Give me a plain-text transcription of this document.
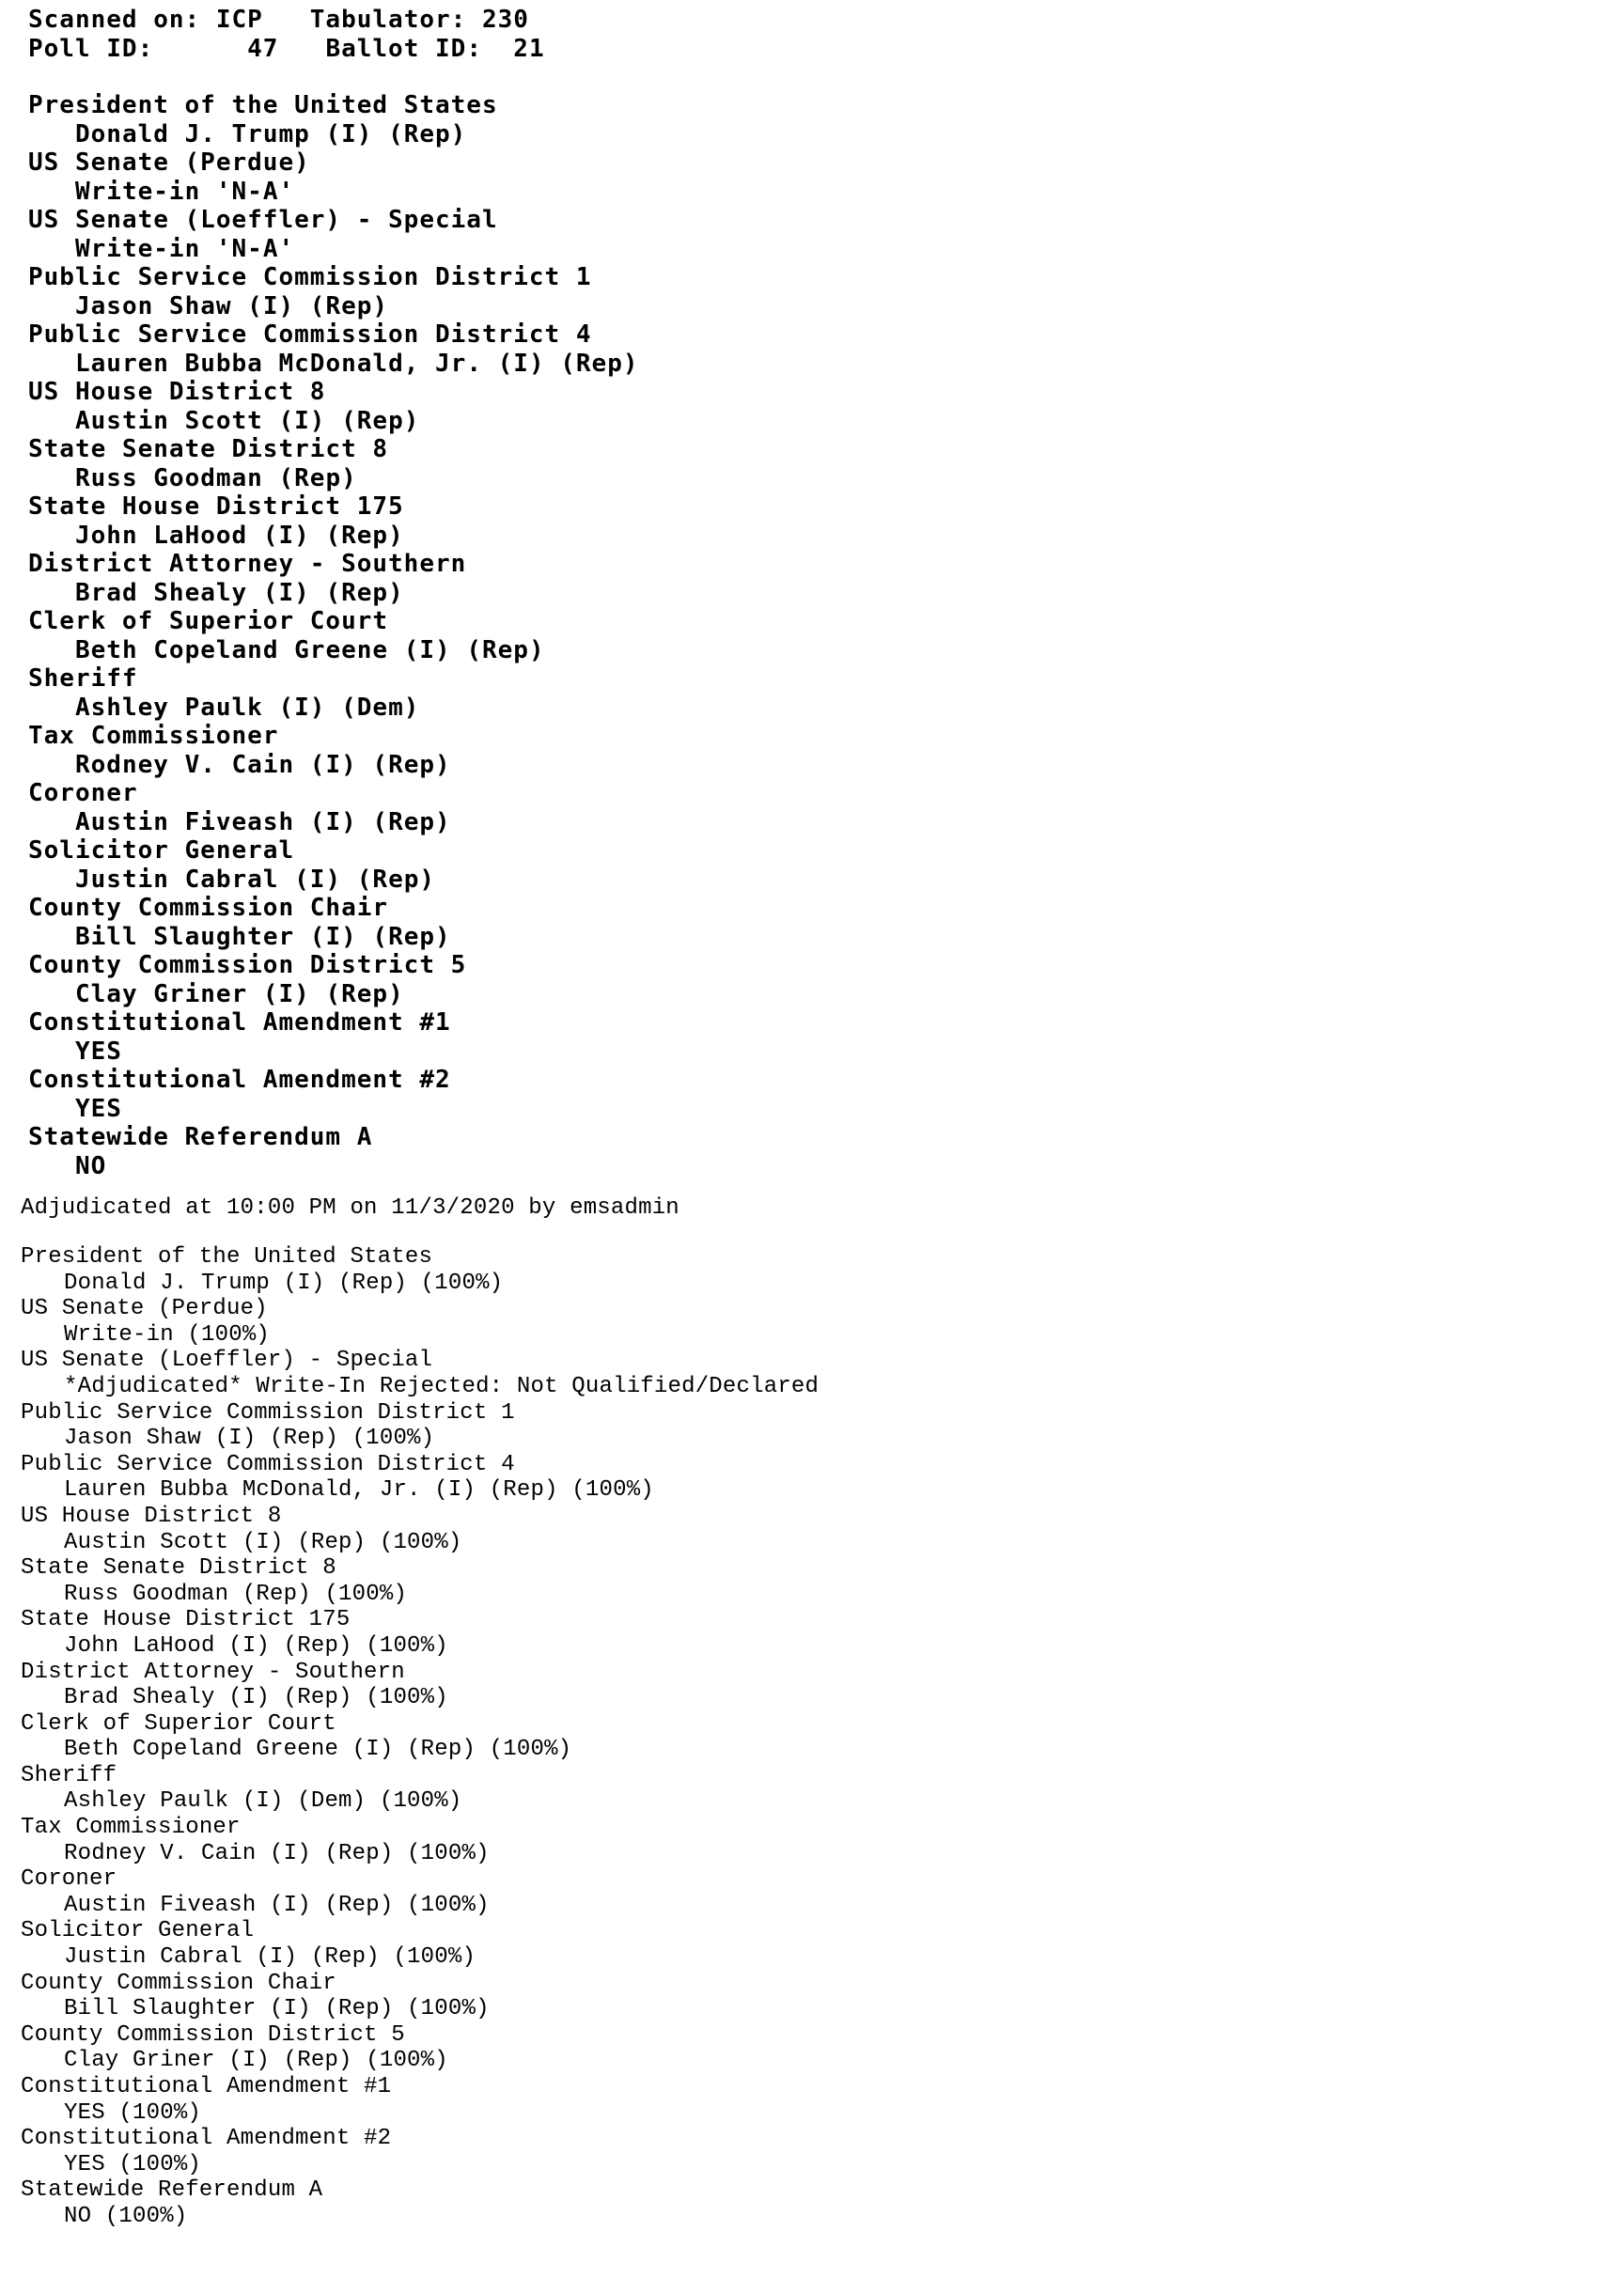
Scanned on: ICP Tabulator: 230
Poll ID:	47 Ballot ID: 21
President of the United States
Donald J. Trump (I) (Rep)
US Senate (Perdue)
Write-in 'N-A'
US Senate (Loeffler) - Special
Write-in 'N-A'
Public Service Commission District 1
Jason Shaw (I) (Rep)
Public Service Commission District 4
Lauren Bubba McDonald, Jr. (I) (Rep)
US House District 8
Austin Scott (I) (Rep)
State Senate District 8
Russ Goodman (Rep)
State House District 175
John LaHood (I) (Rep)
District Attorney - Southern
Brad Shealy (I) (Rep)
Clerk of Superior Court
Beth Copeland Greene (I) (Rep)
Sheriff
Ashley Paulk (I) (Dem)
Tax Commissioner
Rodney V. Cain (I) (Rep)
Coroner
Austin Fiveash (I) (Rep)
Solicitor General
Justin Cabral (I) (Rep)
County Commission Chair
Bill Slaughter (I) (Rep)
County Commission District 5
Clay Griner (I) (Rep)
Constitutional Amendment #1
YES
Constitutional Amendment #2
YES
Statewide Referendum A
NO
Adjudicated at 10:00 PM on 11/3/2020 by emsadmin
President of the United States
Donald J. Trump (I) (Rep) (100%)
US Senate (Perdue)
Write-in (100%)
US Senate (Loeffler) - Special
*Adjudicated* Write-In Rejected: Not Qualified/Declared
Public Service Commission District 1
Jason Shaw (I) (Rep) (100%)
Public Service Commission District 4
Lauren Bubba McDonald, Jr. (I) (Rep) (100%)
US House District 8
Austin Scott (I) (Rep) (100%)
State Senate District 8
Russ Goodman (Rep) (100%)
State House District 175
John LaHood (I) (Rep) (100%)
District Attorney - Southern
Brad Shealy (I) (Rep) (100%)
Clerk of Superior Court
Beth Copeland Greene (I) (Rep) (100%)
Sheriff
Ashley Paulk (I) (Dem) (100%)
Tax Commissioner
Rodney V. Cain (I) (Rep) (100%)
Coroner
Austin Fiveash (I) (Rep) (100%)
Solicitor General
Justin Cabral (I) (Rep) (100%)
County Commission Chair
Bill Slaughter (I) (Rep) (100%)
County Commission District 5
Clay Griner (I) (Rep) (100%)
Constitutional Amendment #1
YES (100%)
Constitutional Amendment #2
YES (100%)
Statewide Referendum A
NO (100%)
